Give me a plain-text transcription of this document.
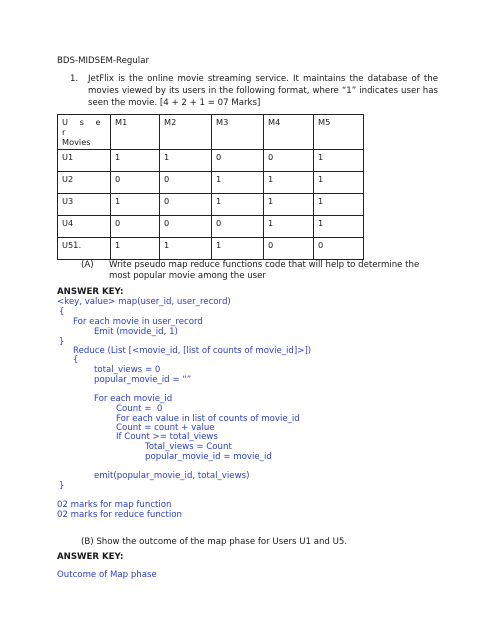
BDS-MIDSEM-Regular
1. JetFlix is the online movie streaming service. It maintains the database of the movies viewed by its users in the following format, where “1” indicates user has seen the movie. [4 + 2 + 1 = 07 Marks]
U s e r
Movies	M1	M2	M3	M4	M5
U1	1	1	0	0	1
U2	0	0	1	1	1
U3	1	0	1	1	1
U4	0	0	0	1	1
U5	1	1	1	0	0
1.
(A) Write pseudo map reduce functions code that will help to determine the most popular movie among the user
ANSWER KEY:
<key, value> map(user_id, user_record)
{
For each movie in user_record
Emit (movide_id, 1)
}
Reduce (List [<movie_id, [list of counts of movie_id]>])
{
total_views = 0
popular_movie_id = “”
For each movie_id
Count =  0
For each value in list of counts of movie_id
Count = count + value
If Count >= total_views
Total_views = Count
popular_movie_id = movie_id
emit(popular_movie_id, total_views)
}
02 marks for map function
02 marks for reduce function
(B) Show the outcome of the map phase for Users U1 and U5.
ANSWER KEY:
Outcome of Map phase
